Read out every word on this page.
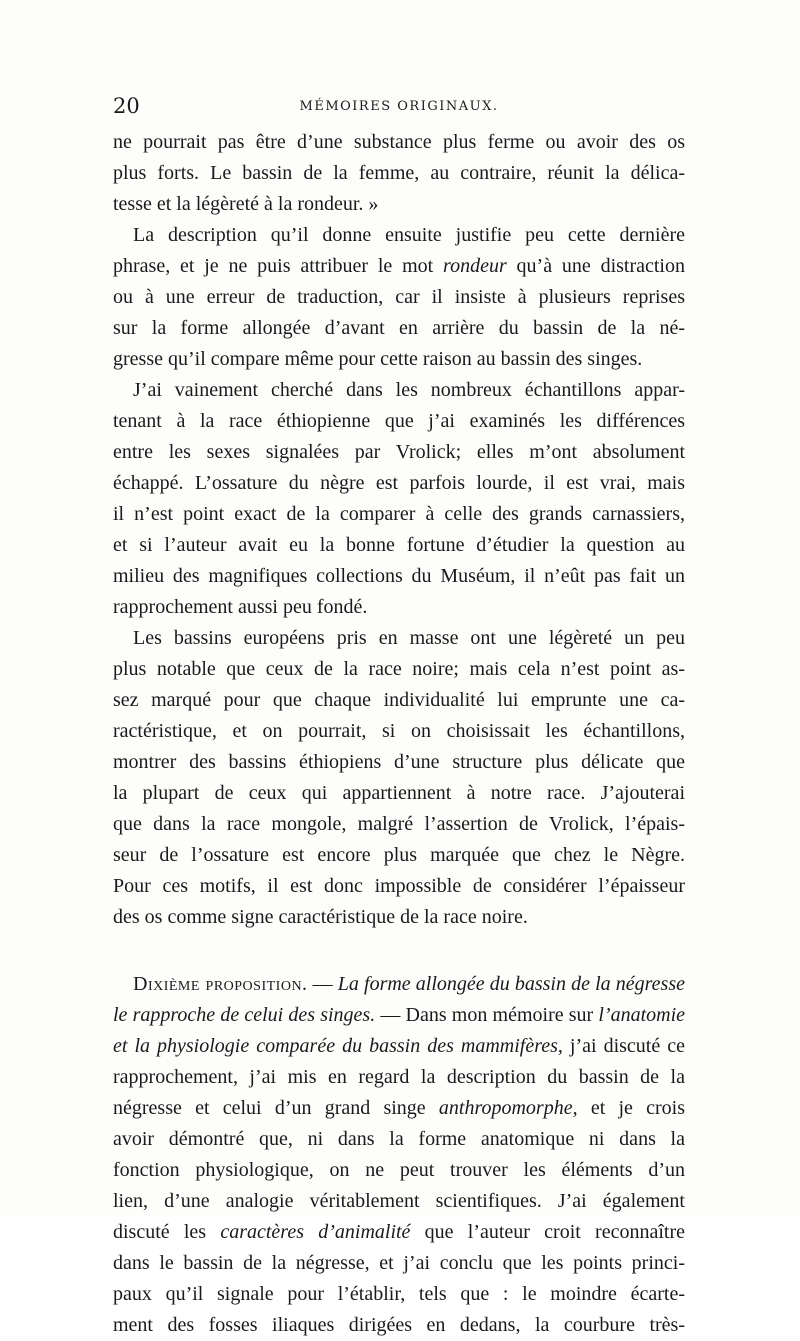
20	MÉMOIRES ORIGINAUX.
ne pourrait pas être d’une substance plus ferme ou avoir des os
plus forts. Le bassin de la femme, au contraire, réunit la délica-
tesse et la légèreté à la rondeur. »
La description qu’il donne ensuite justifie peu cette dernière
phrase, et je ne puis attribuer le mot rondeur qu’à une distraction
ou à une erreur de traduction, car il insiste à plusieurs reprises
sur la forme allongée d’avant en arrière du bassin de la né-
gresse qu’il compare même pour cette raison au bassin des singes.
J’ai vainement cherché dans les nombreux échantillons appar-
tenant à la race éthiopienne que j’ai examinés les différences
entre les sexes signalées par Vrolick; elles m’ont absolument
échappé. L’ossature du nègre est parfois lourde, il est vrai, mais
il n’est point exact de la comparer à celle des grands carnassiers,
et si l’auteur avait eu la bonne fortune d’étudier la question au
milieu des magnifiques collections du Muséum, il n’eût pas fait un
rapprochement aussi peu fondé.
Les bassins européens pris en masse ont une légèreté un peu
plus notable que ceux de la race noire; mais cela n’est point as-
sez marqué pour que chaque individualité lui emprunte une ca-
ractéristique, et on pourrait, si on choisissait les échantillons,
montrer des bassins éthiopiens d’une structure plus délicate que
la plupart de ceux qui appartiennent à notre race. J’ajouterai
que dans la race mongole, malgré l’assertion de Vrolick, l’épais-
seur de l’ossature est encore plus marquée que chez le Nègre.
Pour ces motifs, il est donc impossible de considérer l’épaisseur
des os comme signe caractéristique de la race noire.
Dixième proposition. — La forme allongée du bassin de la négresse
le rapproche de celui des singes. — Dans mon mémoire sur l’anatomie
et la physiologie comparée du bassin des mammifères, j’ai discuté ce
rapprochement, j’ai mis en regard la description du bassin de la
négresse et celui d’un grand singe anthropomorphe, et je crois
avoir démontré que, ni dans la forme anatomique ni dans la
fonction physiologique, on ne peut trouver les éléments d’un
lien, d’une analogie véritablement scientifiques. J’ai également
discuté les caractères d’animalité que l’auteur croit reconnaître
dans le bassin de la négresse, et j’ai conclu que les points princi-
paux qu’il signale pour l’établir, tels que : le moindre écarte-
ment des fosses iliaques dirigées en dedans, la courbure très-
